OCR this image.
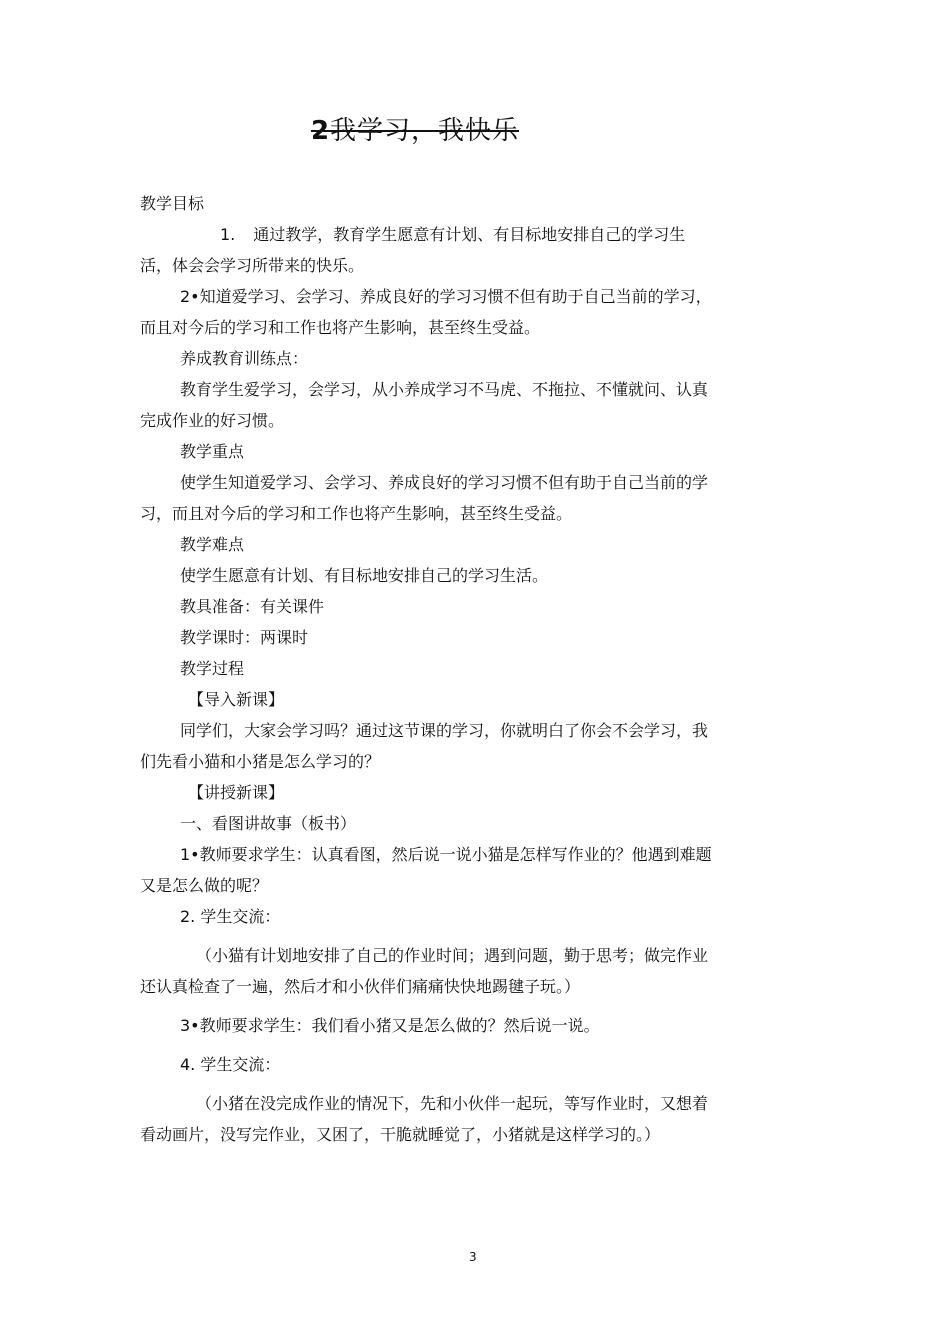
2我学习，我快乐

教学目标

1. 通过教学，教育学生愿意有计划、有目标地安排自己的学习生活，体会会学习所带来的快乐。

2•知道爱学习、会学习、养成良好的学习习惯不但有助于自己当前的学习，而且对今后的学习和工作也将产生影响，甚至终生受益。

养成教育训练点：

教育学生爱学习，会学习，从小养成学习不马虎、不拖拉、不懂就问、认真完成作业的好习惯。

教学重点

使学生知道爱学习、会学习、养成良好的学习习惯不但有助于自己当前的学习，而且对今后的学习和工作也将产生影响，甚至终生受益。

教学难点

使学生愿意有计划、有目标地安排自己的学习生活。

教具准备：有关课件

教学课时：两课时

教学过程

【导入新课】

同学们，大家会学习吗？通过这节课的学习，你就明白了你会不会学习，我们先看小猫和小猪是怎么学习的？

【讲授新课】

一、看图讲故事（板书）

1•教师要求学生：认真看图，然后说一说小猫是怎样写作业的？他遇到难题又是怎么做的呢？

2. 学生交流：

（小猫有计划地安排了自己的作业时间；遇到问题，勤于思考；做完作业还认真检查了一遍，然后才和小伙伴们痛痛快快地踢毽子玩。）

3•教师要求学生：我们看小猪又是怎么做的？然后说一说。

4. 学生交流：

（小猪在没完成作业的情况下，先和小伙伴一起玩，等写作业时，又想着看动画片，没写完作业，又困了，干脆就睡觉了，小猪就是这样学习的。）

3
